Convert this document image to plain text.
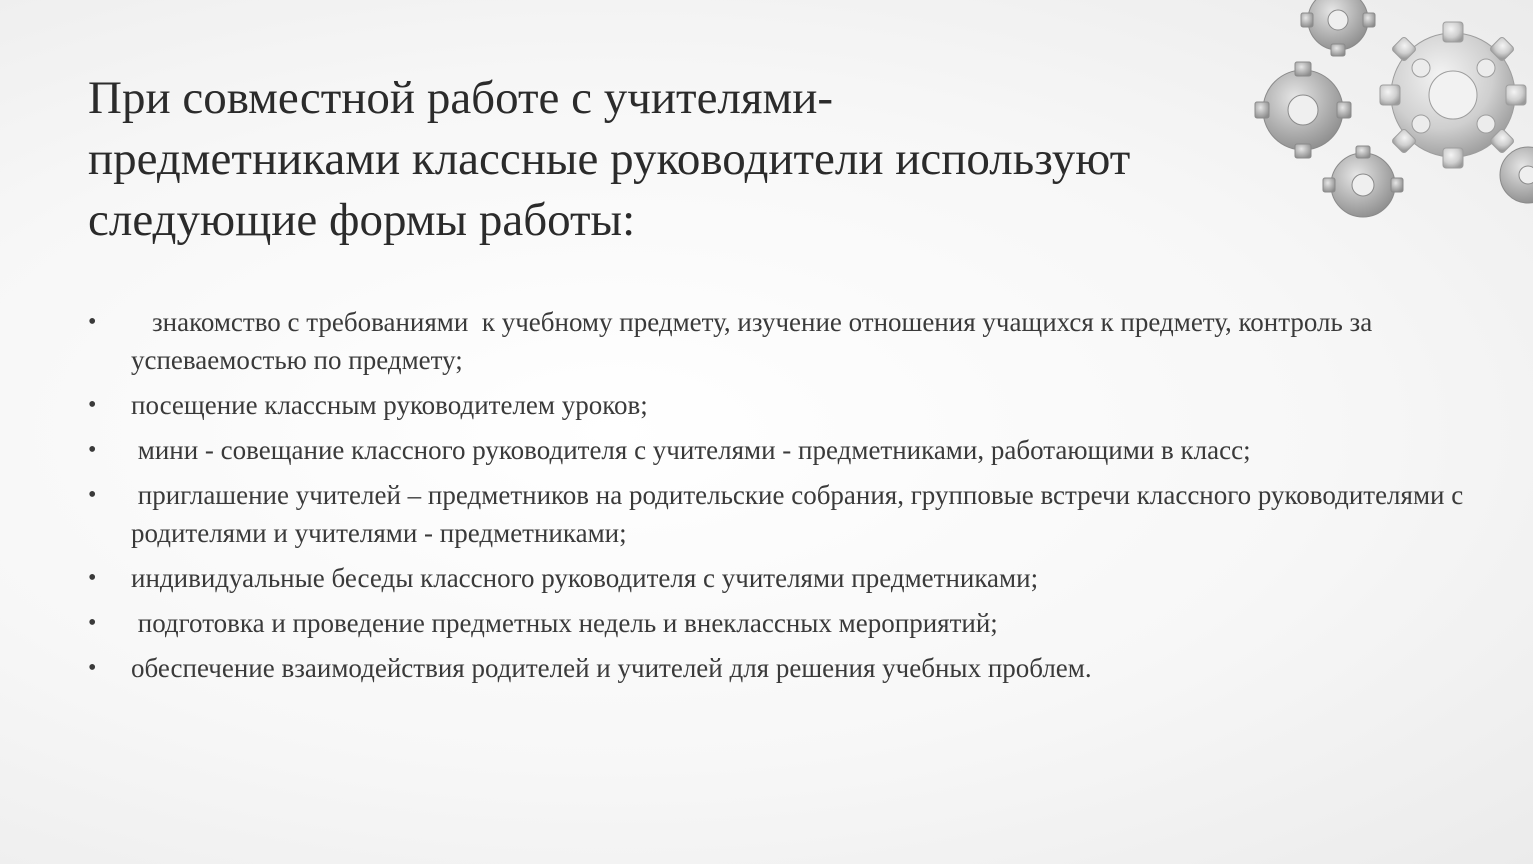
При совместной работе с учителями-
предметниками классные руководители используют
следующие формы работы:
• знакомство с требованиями  к учебному предмету, изучение отношения учащихся к предмету, контроль за успеваемостью по предмету;
• посещение классным руководителем уроков;
• мини - совещание классного руководителя с учителями - предметниками, работающими в класс;
• приглашение учителей – предметников на родительские собрания, групповые встречи классного руководителями с родителями и учителями - предметниками;
• индивидуальные беседы классного руководителя с учителями предметниками;
• подготовка и проведение предметных недель и внеклассных мероприятий;
• обеспечение взаимодействия родителей и учителей для решения учебных проблем.
